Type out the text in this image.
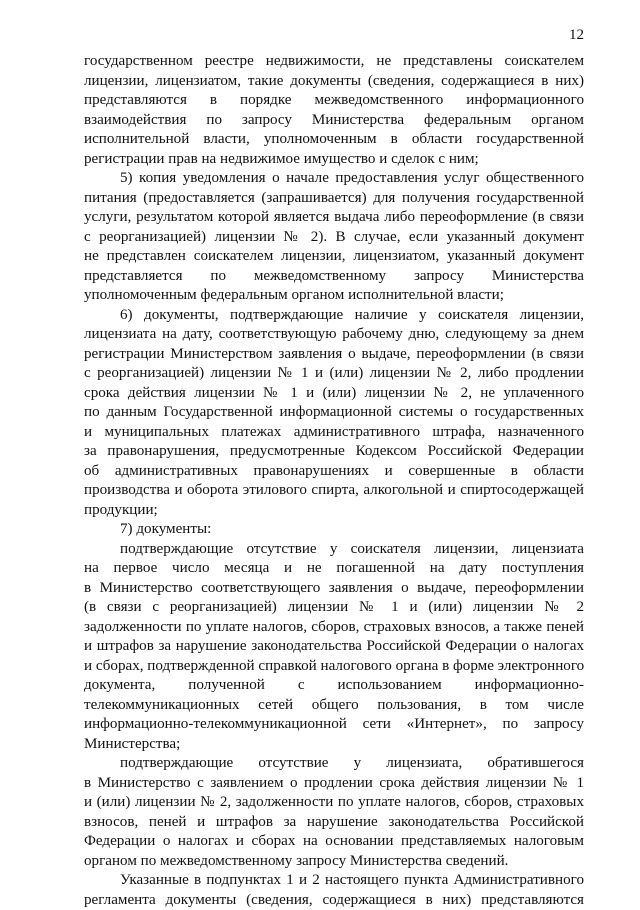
12
государственном реестре недвижимости, не представлены соискателем
лицензии, лицензиатом, такие документы (сведения, содержащиеся в них)
представляются в порядке межведомственного информационного
взаимодействия по запросу Министерства федеральным органом
исполнительной власти, уполномоченным в области государственной
регистрации прав на недвижимое имущество и сделок с ним;
5) копия уведомления о начале предоставления услуг общественного
питания (предоставляется (запрашивается) для получения государственной
услуги, результатом которой является выдача либо переоформление (в связи
с реорганизацией) лицензии № 2). В случае, если указанный документ
не представлен соискателем лицензии, лицензиатом, указанный документ
представляется по межведомственному запросу Министерства
уполномоченным федеральным органом исполнительной власти;
6) документы, подтверждающие наличие у соискателя лицензии,
лицензиата на дату, соответствующую рабочему дню, следующему за днем
регистрации Министерством заявления о выдаче, переоформлении (в связи
с реорганизацией) лицензии № 1 и (или) лицензии № 2, либо продлении
срока действия лицензии № 1 и (или) лицензии № 2, не уплаченного
по данным Государственной информационной системы о государственных
и муниципальных платежах административного штрафа, назначенного
за правонарушения, предусмотренные Кодексом Российской Федерации
об административных правонарушениях и совершенные в области
производства и оборота этилового спирта, алкогольной и спиртосодержащей
продукции;
7) документы:
подтверждающие отсутствие у соискателя лицензии, лицензиата
на первое число месяца и не погашенной на дату поступления
в Министерство соответствующего заявления о выдаче, переоформлении
(в связи с реорганизацией) лицензии № 1 и (или) лицензии № 2
задолженности по уплате налогов, сборов, страховых взносов, а также пеней
и штрафов за нарушение законодательства Российской Федерации о налогах
и сборах, подтвержденной справкой налогового органа в форме электронного
документа, полученной с использованием информационно-
телекоммуникационных сетей общего пользования, в том числе
информационно-телекоммуникационной сети «Интернет», по запросу
Министерства;
подтверждающие отсутствие у лицензиата, обратившегося
в Министерство с заявлением о продлении срока действия лицензии № 1
и (или) лицензии № 2, задолженности по уплате налогов, сборов, страховых
взносов, пеней и штрафов за нарушение законодательства Российской
Федерации о налогах и сборах на основании представляемых налоговым
органом по межведомственному запросу Министерства сведений.
Указанные в подпунктах 1 и 2 настоящего пункта Административного
регламента документы (сведения, содержащиеся в них) представляются
